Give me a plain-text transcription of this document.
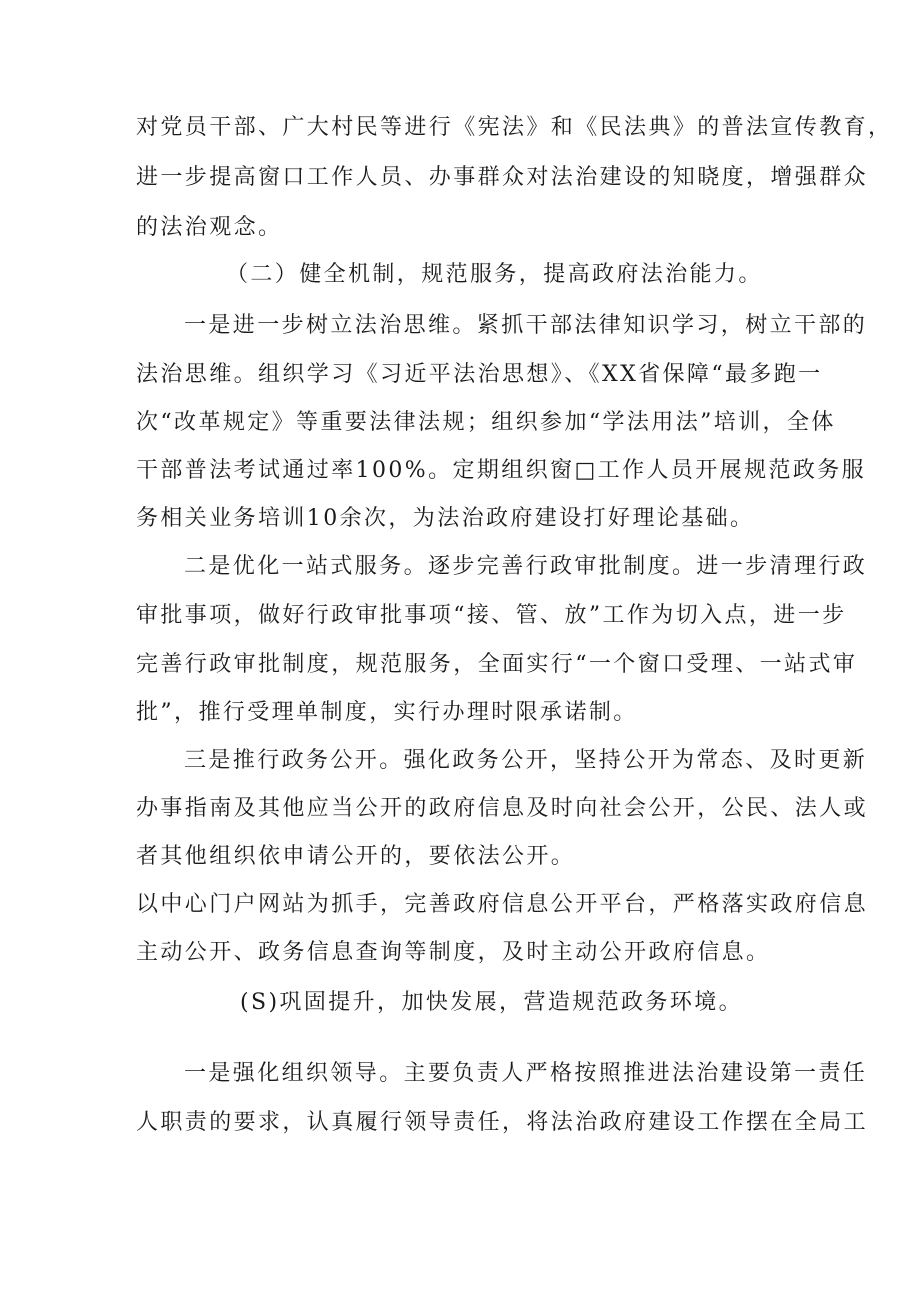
对党员干部、广大村民等进行《宪法》和《民法典》的普法宣传教育，
进一步提高窗口工作人员、办事群众对法治建设的知晓度，增强群众
的法治观念。
（二）健全机制，规范服务，提高政府法治能力。
一是进一步树立法治思维。紧抓干部法律知识学习，树立干部的
法治思维。组织学习《习近平法治思想》、《XX省保障“最多跑一
次“改革规定》等重要法律法规；组织参加“学法用法”培训，全体
干部普法考试通过率100%。定期组织窗□工作人员开展规范政务服
务相关业务培训10余次，为法治政府建设打好理论基础。
二是优化一站式服务。逐步完善行政审批制度。进一步清理行政
审批事项，做好行政审批事项“接、管、放”工作为切入点，进一步
完善行政审批制度，规范服务，全面实行“一个窗口受理、一站式审
批”，推行受理单制度，实行办理时限承诺制。
三是推行政务公开。强化政务公开，坚持公开为常态、及时更新
办事指南及其他应当公开的政府信息及时向社会公开，公民、法人或
者其他组织依申请公开的，要依法公开。
以中心门户网站为抓手，完善政府信息公开平台，严格落实政府信息
主动公开、政务信息查询等制度，及时主动公开政府信息。
(S)巩固提升，加快发展，营造规范政务环境。
一是强化组织领导。主要负责人严格按照推进法治建设第一责任
人职责的要求，认真履行领导责任，将法治政府建设工作摆在全局工
